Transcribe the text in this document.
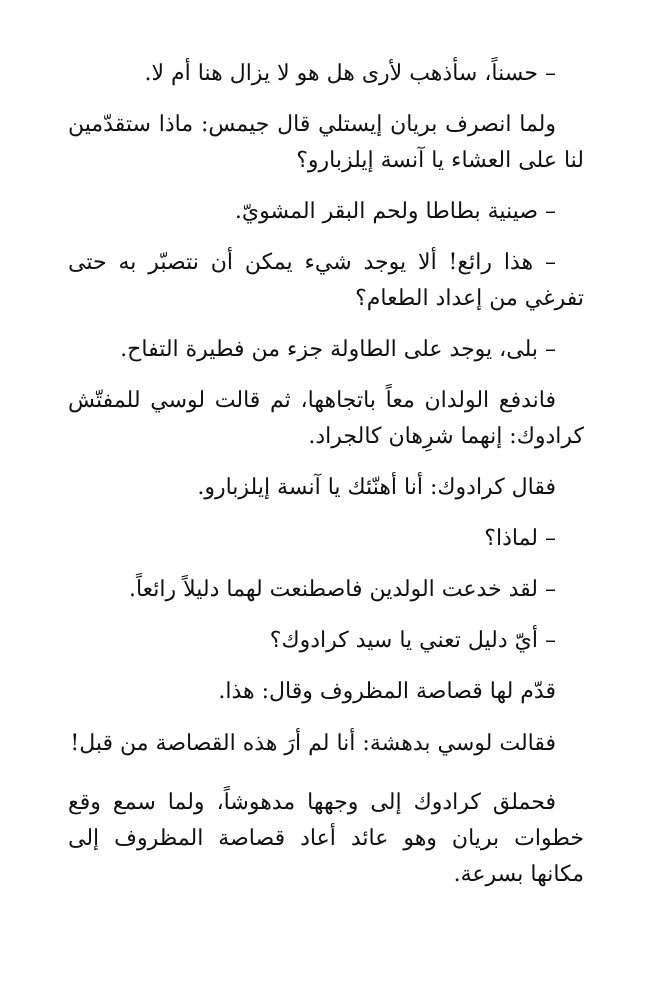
– حسناً، سأذهب لأرى هل هو لا يزال هنا أم لا.

ولما انصرف بريان إيستلي قال جيمس: ماذا ستقدّمين لنا على العشاء يا آنسة إيلزبارو؟

– صينية بطاطا ولحم البقر المشويّ.

– هذا رائع! ألا يوجد شيء يمكن أن نتصبّر به حتى تفرغي من إعداد الطعام؟

– بلى، يوجد على الطاولة جزء من فطيرة التفاح.

فاندفع الولدان معاً باتجاهها، ثم قالت لوسي للمفتّش كرادوك: إنهما شرِهان كالجراد.

فقال كرادوك: أنا أهنّئك يا آنسة إيلزبارو.

– لماذا؟

– لقد خدعت الولدين فاصطنعت لهما دليلاً رائعاً.

– أيّ دليل تعني يا سيد كرادوك؟

قدّم لها قصاصة المظروف وقال: هذا.

فقالت لوسي بدهشة: أنا لم أرَ هذه القصاصة من قبل!

فحملق كرادوك إلى وجهها مدهوشاً، ولما سمع وقع خطوات بريان وهو عائد أعاد قصاصة المظروف إلى مكانها بسرعة.
